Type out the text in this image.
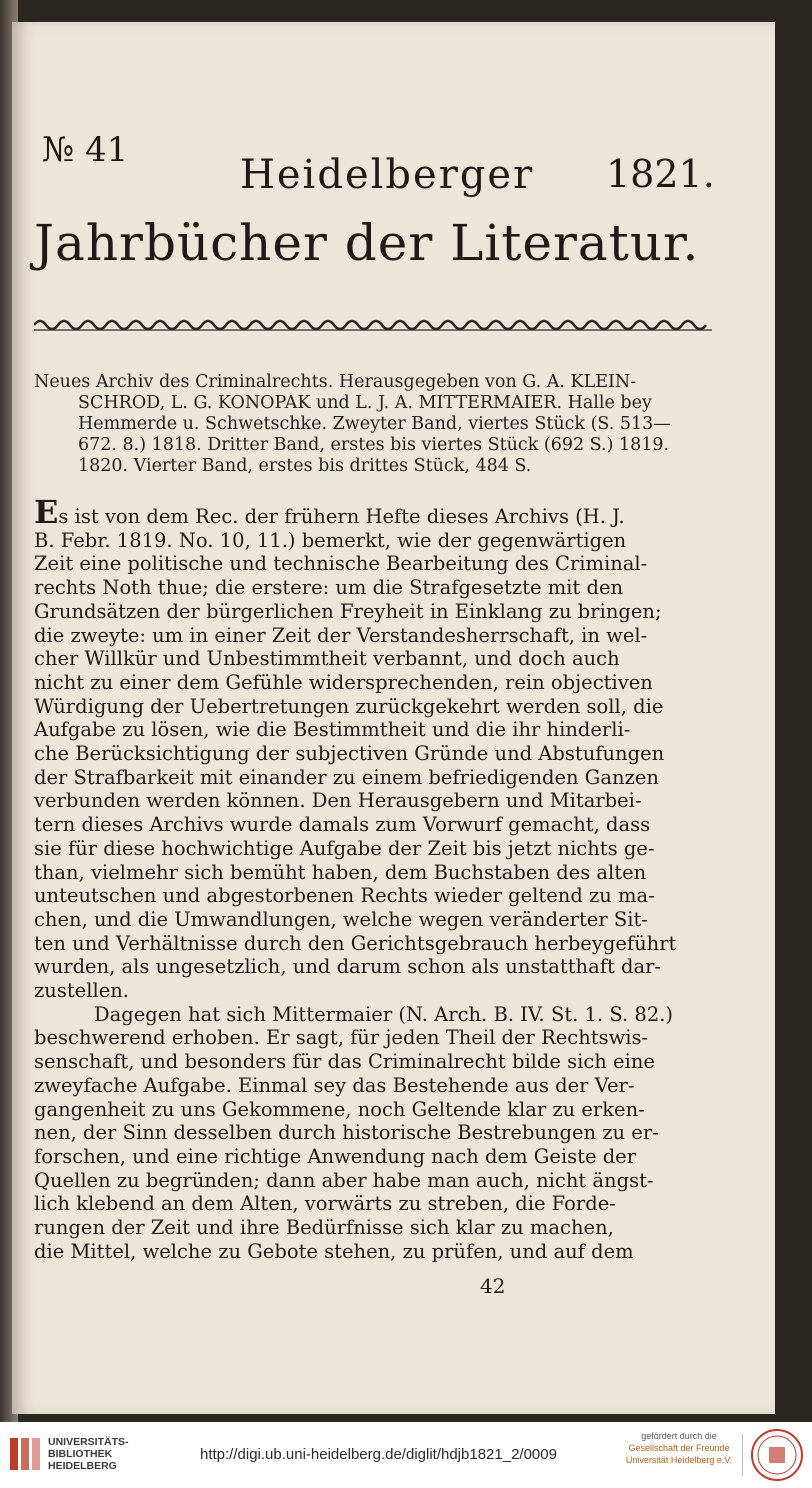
№ 41
Heidelberger 1821.
Jahrbücher der Literatur.

Neues Archiv des Criminalrechts. Herausgegeben von G. A. KLEIN-

SCHROD, L. G. KONOPAK und L. J. A. MITTERMAIER. Halle bey

Hemmerde u. Schwetschke. Zweyter Band, viertes Stück (S. 513—

672. 8.) 1818. Dritter Band, erstes bis viertes Stück (692 S.) 1819.

1820. Vierter Band, erstes bis drittes Stück, 484 S.

Es ist von dem Rec. der frühern Hefte dieses Archivs (H. J.

B. Febr. 1819. No. 10, 11.) bemerkt, wie der gegenwärtigen

Zeit eine politische und technische Bearbeitung des Criminal-

rechts Noth thue; die erstere: um die Strafgesetzte mit den

Grundsätzen der bürgerlichen Freyheit in Einklang zu bringen;

die zweyte: um in einer Zeit der Verstandesherrschaft, in wel-

cher Willkür und Unbestimmtheit verbannt, und doch auch

nicht zu einer dem Gefühle widersprechenden, rein objectiven

Würdigung der Uebertretungen zurückgekehrt werden soll, die

Aufgabe zu lösen, wie die Bestimmtheit und die ihr hinderli-

che Berücksichtigung der subjectiven Gründe und Abstufungen

der Strafbarkeit mit einander zu einem befriedigenden Ganzen

verbunden werden können. Den Herausgebern und Mitarbei-

tern dieses Archivs wurde damals zum Vorwurf gemacht, dass

sie für diese hochwichtige Aufgabe der Zeit bis jetzt nichts ge-

than, vielmehr sich bemüht haben, dem Buchstaben des alten

unteutschen und abgestorbenen Rechts wieder geltend zu ma-

chen, und die Umwandlungen, welche wegen veränderter Sit-

ten und Verhältnisse durch den Gerichtsgebrauch herbeygeführt

wurden, als ungesetzlich, und darum schon als unstatthaft dar-

zustellen.

Dagegen hat sich Mittermaier (N. Arch. B. IV. St. 1. S. 82.)

beschwerend erhoben. Er sagt, für jeden Theil der Rechtswis-

senschaft, und besonders für das Criminalrecht bilde sich eine

zweyfache Aufgabe. Einmal sey das Bestehende aus der Ver-

gangenheit zu uns Gekommene, noch Geltende klar zu erken-

nen, der Sinn desselben durch historische Bestrebungen zu er-

forschen, und eine richtige Anwendung nach dem Geiste der

Quellen zu begründen; dann aber habe man auch, nicht ängst-

lich klebend an dem Alten, vorwärts zu streben, die Forde-

rungen der Zeit und ihre Bedürfnisse sich klar zu machen,

die Mittel, welche zu Gebote stehen, zu prüfen, und auf dem

42
UNIVERSITÄTS-
BIBLIOTHEK
HEIDELBERG
http://digi.ub.uni-heidelberg.de/diglit/hdjb1821_2/0009
gefördert durch die
Gesellschaft der Freunde
Universität Heidelberg e.V.
